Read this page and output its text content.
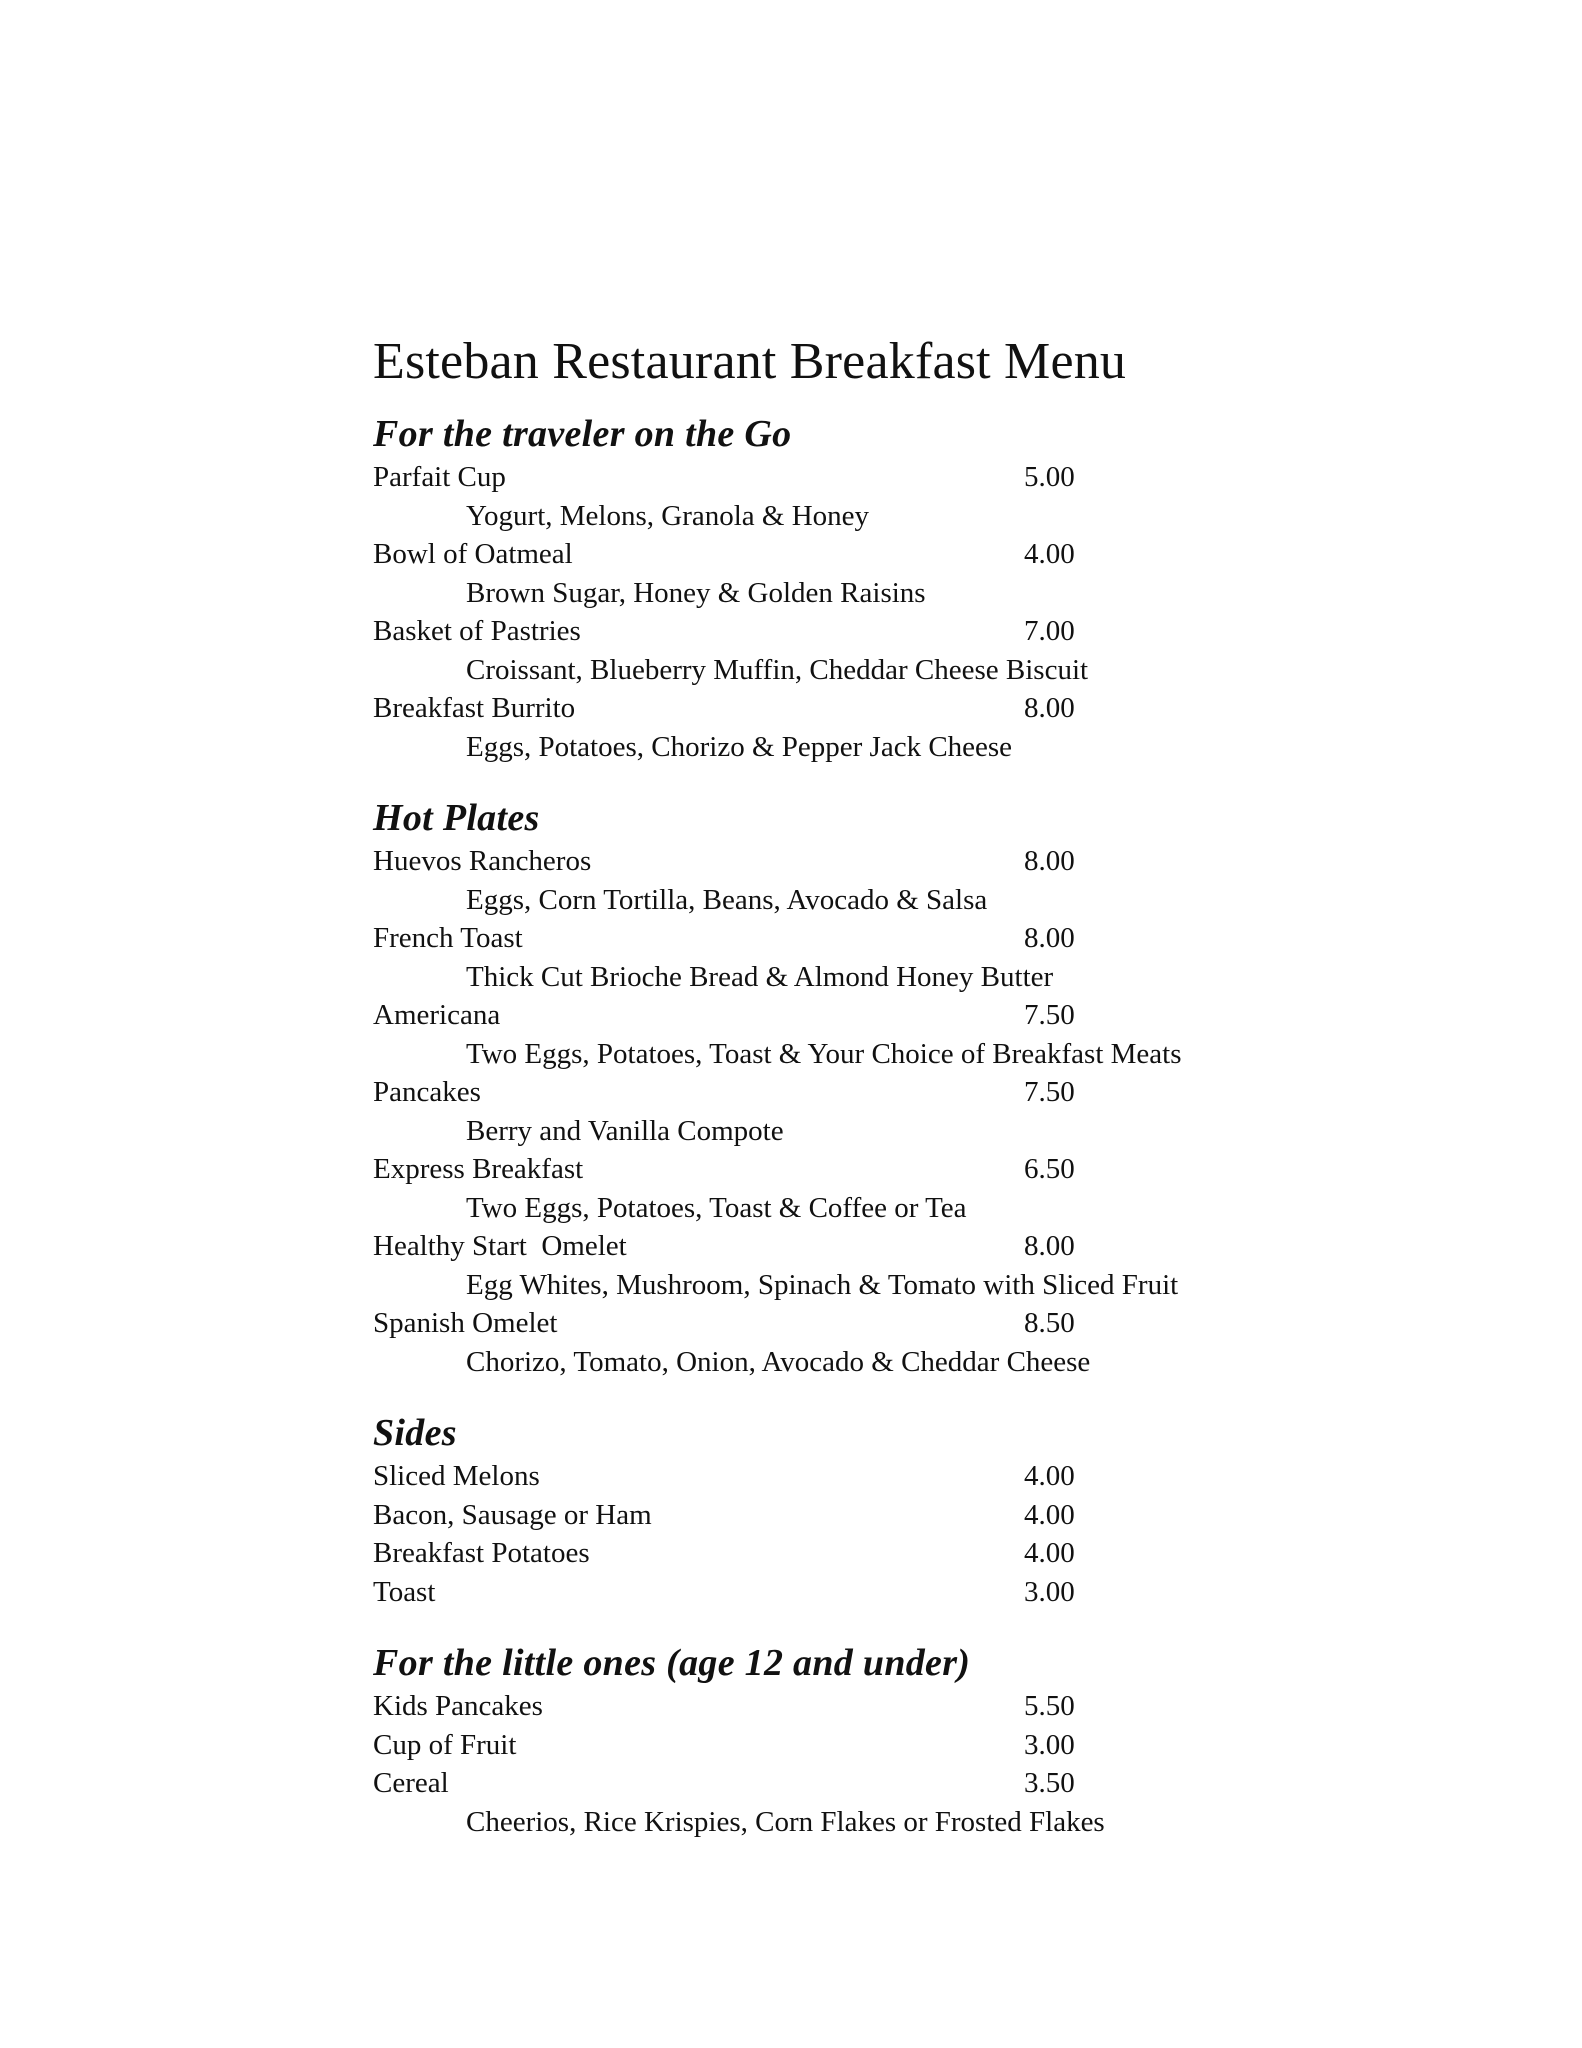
Esteban Restaurant Breakfast Menu
For the traveler on the Go
Parfait Cup	5.00
Yogurt, Melons, Granola & Honey
Bowl of Oatmeal	4.00
Brown Sugar, Honey & Golden Raisins
Basket of Pastries	7.00
Croissant, Blueberry Muffin, Cheddar Cheese Biscuit
Breakfast Burrito	8.00
Eggs, Potatoes, Chorizo & Pepper Jack Cheese
Hot Plates
Huevos Rancheros	8.00
Eggs, Corn Tortilla, Beans, Avocado & Salsa
French Toast	8.00
Thick Cut Brioche Bread & Almond Honey Butter
Americana	7.50
Two Eggs, Potatoes, Toast & Your Choice of Breakfast Meats
Pancakes	7.50
Berry and Vanilla Compote
Express Breakfast	6.50
Two Eggs, Potatoes, Toast & Coffee or Tea
Healthy Start  Omelet	8.00
Egg Whites, Mushroom, Spinach & Tomato with Sliced Fruit
Spanish Omelet	8.50
Chorizo, Tomato, Onion, Avocado & Cheddar Cheese
Sides
Sliced Melons	4.00
Bacon, Sausage or Ham	4.00
Breakfast Potatoes	4.00
Toast	3.00
For the little ones (age 12 and under)
Kids Pancakes	5.50
Cup of Fruit	3.00
Cereal	3.50
Cheerios, Rice Krispies, Corn Flakes or Frosted Flakes
